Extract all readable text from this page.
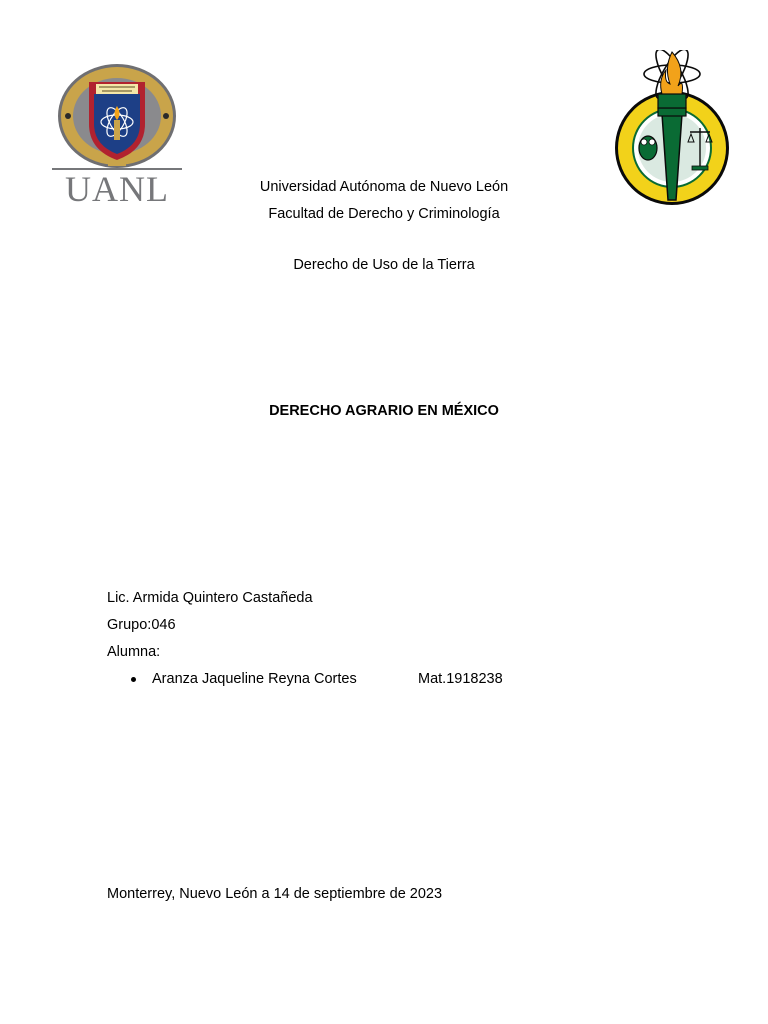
UANL	Universidad Autónoma de Nuevo León
Facultad de Derecho y Criminología
Derecho de Uso de la Tierra
DERECHO AGRARIO EN MÉXICO
Lic. Armida Quintero Castañeda
Grupo:046
Alumna:
Aranza Jaqueline Reyna Cortes	Mat.1918238
Monterrey, Nuevo León a 14 de septiembre de 2023
